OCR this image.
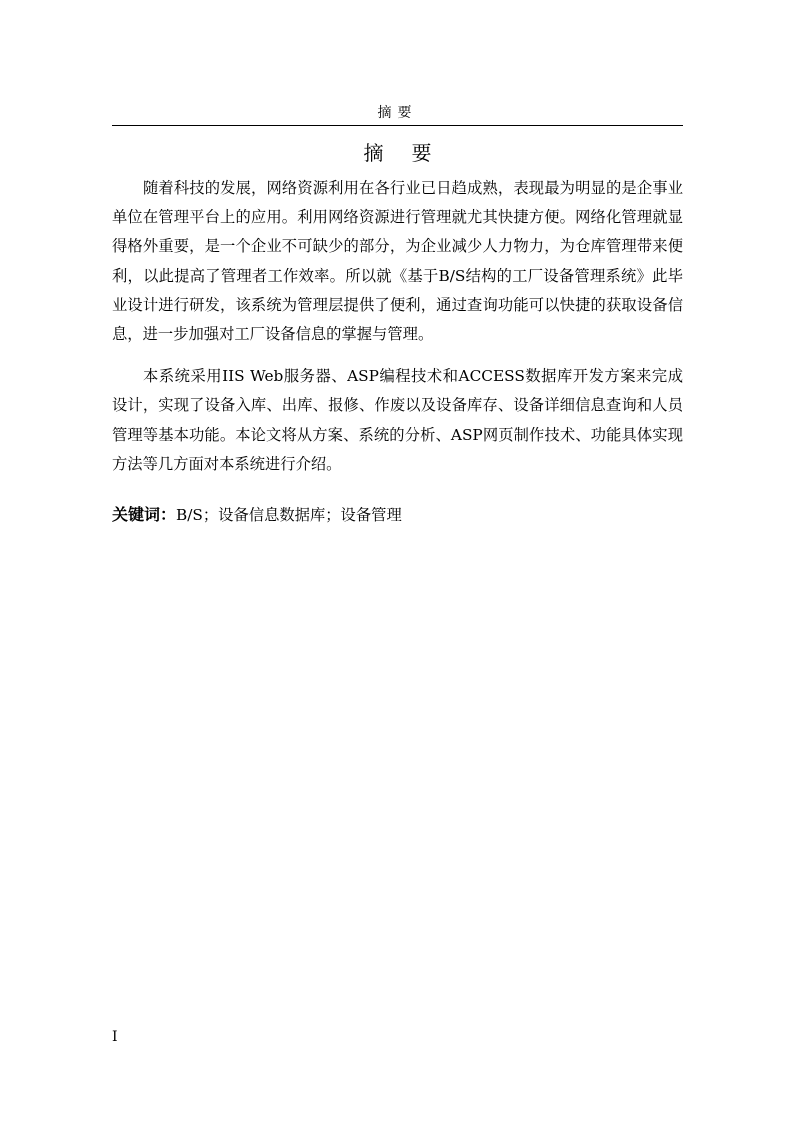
摘要
摘要

随着科技的发展，网络资源利用在各行业已日趋成熟，表现最为明显的是企事业单位在管理平台上的应用。利用网络资源进行管理就尤其快捷方便。网络化管理就显得格外重要，是一个企业不可缺少的部分，为企业减少人力物力，为仓库管理带来便利，以此提高了管理者工作效率。所以就《基于B/S结构的工厂设备管理系统》此毕业设计进行研发，该系统为管理层提供了便利，通过查询功能可以快捷的获取设备信息，进一步加强对工厂设备信息的掌握与管理。

本系统采用IIS Web服务器、ASP编程技术和ACCESS数据库开发方案来完成设计，实现了设备入库、出库、报修、作废以及设备库存、设备详细信息查询和人员管理等基本功能。本论文将从方案、系统的分析、ASP网页制作技术、功能具体实现方法等几方面对本系统进行介绍。

关键词：B/S；设备信息数据库；设备管理
I
